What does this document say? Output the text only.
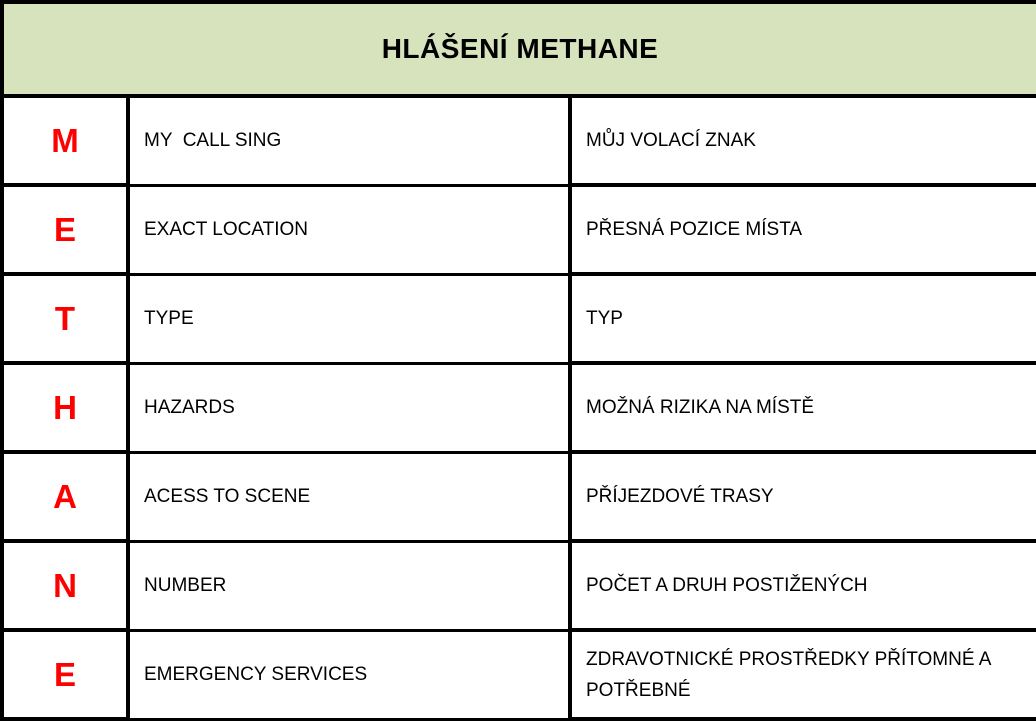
HLÁŠENÍ METHANE		
M	MY  CALL SING	MŮJ VOLACÍ ZNAK
E	EXACT LOCATION	PŘESNÁ POZICE MÍSTA
T	TYPE	TYP
H	HAZARDS	MOŽNÁ RIZIKA NA MÍSTĚ
A	ACESS TO SCENE	PŘÍJEZDOVÉ TRASY
N	NUMBER	POČET A DRUH POSTIŽENÝCH
E	EMERGENCY SERVICES	ZDRAVOTNICKÉ PROSTŘEDKY PŘÍTOMNÉ A POTŘEBNÉ
